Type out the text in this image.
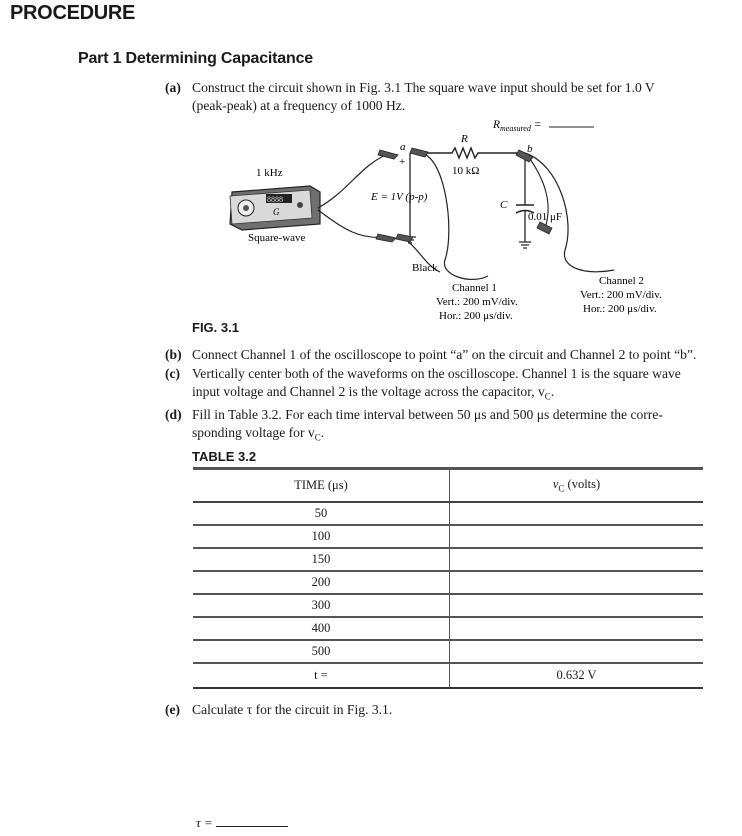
PROCEDURE
Part 1 Determining Capacitance
(a) Construct the circuit shown in Fig. 3.1 The square wave input should be set for 1.0 V
(peak-peak) at a frequency of 1000 Hz.
$R_{measured}$ =
R
10 kΩ
a	b
+
E = 1V (p-p)
C
0.01 μF
1 kHz
8888
G
Square-wave
Black
Channel 1
Vert.: 200 mV/div.
Hor.: 200 μs/div.
Channel 2
Vert.: 200 mV/div.
Hor.: 200 μs/div.
FIG. 3.1
(b) Connect Channel 1 of the oscilloscope to point “a” on the circuit and Channel 2 to point “b”.
(c) Vertically center both of the waveforms on the oscilloscope. Channel 1 is the square wave
input voltage and Channel 2 is the voltage across the capacitor, $v_C$.
(d) Fill in Table 3.2. For each time interval between 50 μs and 500 μs determine the corre-
sponding voltage for $v_C$.
TABLE 3.2
TIME (μs)	$v_C$ (volts)
50	
100	
150	
200	
300	
400	
500	
t =	0.632 V
(e) Calculate τ for the circuit in Fig. 3.1.
τ =
